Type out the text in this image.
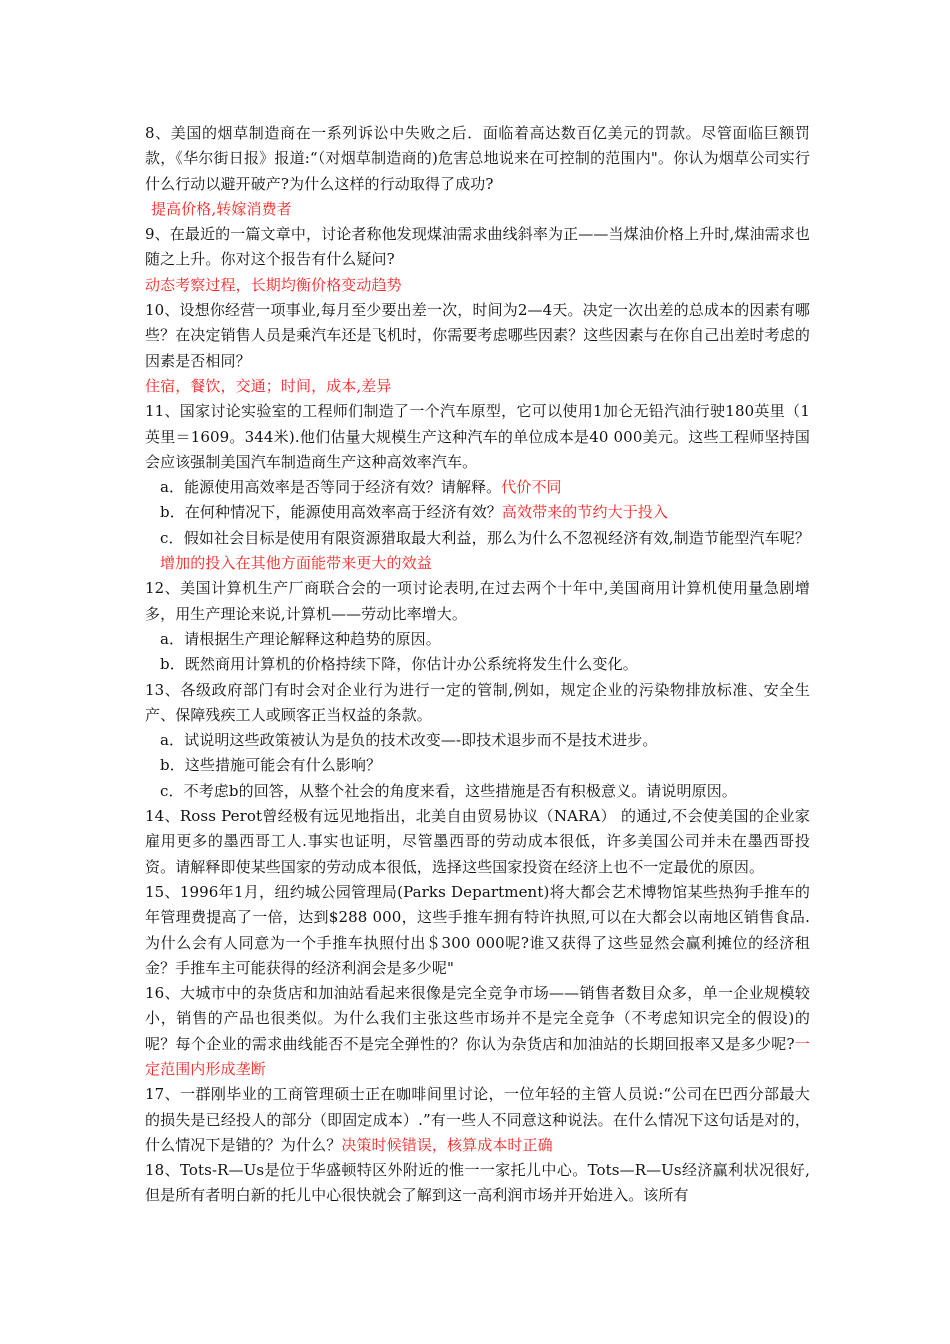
8、美国的烟草制造商在一系列诉讼中失败之后．面临着高达数百亿美元的罚款。尽管面临巨额罚款，《华尔街日报》报道:“（对烟草制造商的)危害总地说来在可控制的范围内"。你认为烟草公司实行什么行动以避开破产?为什么这样的行动取得了成功?

提高价格,转嫁消费者

9、在最近的一篇文章中，讨论者称他发现煤油需求曲线斜率为正——当煤油价格上升时,煤油需求也随之上升。你对这个报告有什么疑问?

动态考察过程，长期均衡价格变动趋势

10、设想你经营一项事业,每月至少要出差一次，时间为2—4天。决定一次出差的总成本的因素有哪些？在决定销售人员是乘汽车还是飞机时，你需要考虑哪些因素？这些因素与在你自己出差时考虑的因素是否相同？

住宿，餐饮，交通；时间，成本,差异

11、国家讨论实验室的工程师们制造了一个汽车原型，它可以使用1加仑无铅汽油行驶180英里（1英里＝1609。344米).他们估量大规模生产这种汽车的单位成本是40 000美元。这些工程师坚持国会应该强制美国汽车制造商生产这种高效率汽车。

a．能源使用高效率是否等同于经济有效？请解释。代价不同

b．在何种情况下，能源使用高效率高于经济有效？高效带来的节约大于投入

c．假如社会目标是使用有限资源猎取最大利益，那么为什么不忽视经济有效,制造节能型汽车呢？增加的投入在其他方面能带来更大的效益

12、美国计算机生产厂商联合会的一项讨论表明,在过去两个十年中,美国商用计算机使用量急剧增多，用生产理论来说,计算机——劳动比率增大。

a．请根据生产理论解释这种趋势的原因。

b．既然商用计算机的价格持续下降，你估计办公系统将发生什么变化。

13、各级政府部门有时会对企业行为进行一定的管制,例如，规定企业的污染物排放标准、安全生产、保障残疾工人或顾客正当权益的条款。

a．试说明这些政策被认为是负的技术改变—-即技术退步而不是技术进步。

b．这些措施可能会有什么影响？

c．不考虑b的回答，从整个社会的角度来看，这些措施是否有积极意义。请说明原因。

14、Ross Perot曾经极有远见地指出，北美自由贸易协议（NARA） 的通过,不会使美国的企业家雇用更多的墨西哥工人.事实也证明，尽管墨西哥的劳动成本很低，许多美国公司并未在墨西哥投资。请解释即使某些国家的劳动成本很低，选择这些国家投资在经济上也不一定最优的原因。

15、1996年1月，纽约城公园管理局(Parks Department)将大都会艺术博物馆某些热狗手推车的年管理费提高了一倍，达到$288 000，这些手推车拥有特许执照,可以在大都会以南地区销售食品.为什么会有人同意为一个手推车执照付出＄300 000呢?谁又获得了这些显然会赢利摊位的经济租金？手推车主可能获得的经济利润会是多少呢"

16、大城市中的杂货店和加油站看起来很像是完全竞争市场——销售者数目众多，单一企业规模较小，销售的产品也很类似。为什么我们主张这些市场并不是完全竞争（不考虑知识完全的假设)的呢？每个企业的需求曲线能否不是完全弹性的？你认为杂货店和加油站的长期回报率又是多少呢?一定范围内形成垄断

17、一群刚毕业的工商管理硕士正在咖啡间里讨论，一位年轻的主管人员说:“公司在巴西分部最大的损失是已经投人的部分（即固定成本）.”有一些人不同意这种说法。在什么情况下这句话是对的，什么情况下是错的？为什么？决策时候错误，核算成本时正确

18、Tots-R—Us是位于华盛顿特区外附近的惟一一家托儿中心。Tots—R—Us经济赢利状况很好,但是所有者明白新的托儿中心很快就会了解到这一高利润市场并开始进入。该所有
